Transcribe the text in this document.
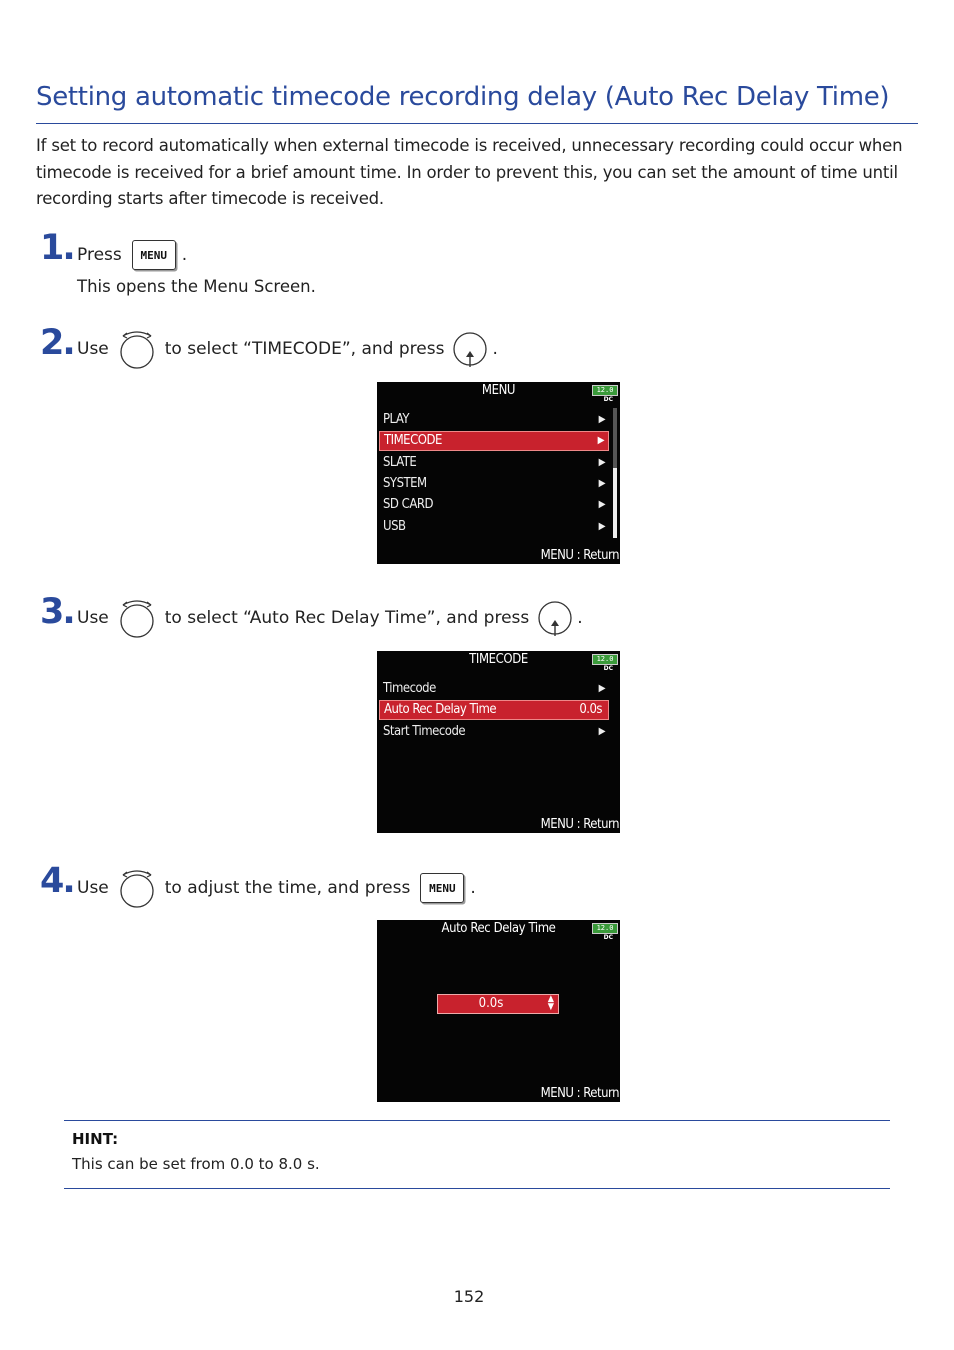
Setting automatic timecode recording delay (Auto Rec Delay Time)

If set to record automatically when external timecode is received, unnecessary recording could occur when timecode is received for a brief amount time. In order to prevent this, you can set the amount of time until recording starts after timecode is received.

1. Press	MENU .
This opens the Menu Screen.
2. Use	to select “TIMECODE”, and press	.
MENU	12.0
DC
PLAY	▶
TIMECODE	▶
SLATE	▶
SYSTEM	▶
SD CARD	▶
USB	▶
MENU : Return
3. Use	to select “Auto Rec Delay Time”, and press	.
TIMECODE	12.0
DC
Timecode	▶
Auto Rec Delay Time	0.0s
Start Timecode	▶
MENU : Return
4. Use	to adjust the time, and press	MENU .
Auto Rec Delay Time	12.0
DC
0.0s	▲
▼
MENU : Return
HINT:
This can be set from 0.0 to 8.0 s.
152
